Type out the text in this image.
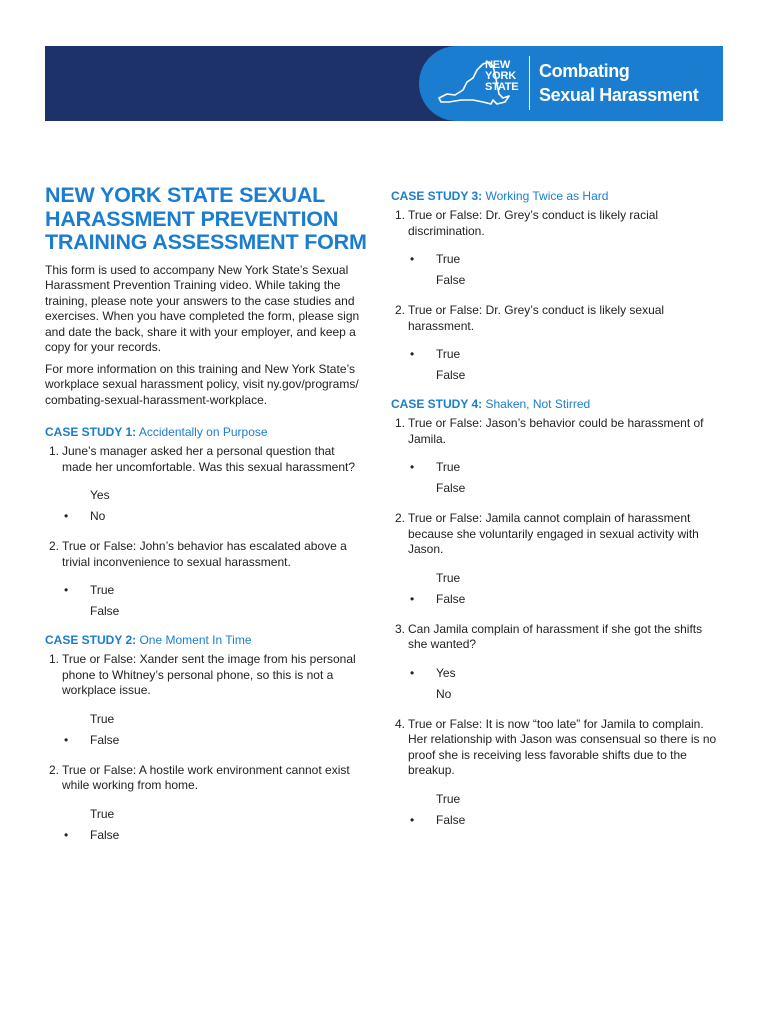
NEW
YORK
STATE
Combating
Sexual Harassment
NEW YORK STATE SEXUAL HARASSMENT PREVENTION TRAINING ASSESSMENT FORM

This form is used to accompany New York State’s Sexual Harassment Prevention Training video. While taking the training, please note your answers to the case studies and exercises. When you have completed the form, please sign and date the back, share it with your employer, and keep a copy for your records.

For more information on this training and New York State’s workplace sexual harassment policy, visit ny.gov/programs/ combating-sexual-harassment-workplace.

CASE STUDY 1: Accidentally on Purpose

1. June’s manager asked her a personal question that made her uncomfortable. Was this sexual harassment?
Yes
• No
2. True or False: John’s behavior has escalated above a trivial inconvenience to sexual harassment.
• True
False

CASE STUDY 2: One Moment In Time

1. True or False: Xander sent the image from his personal phone to Whitney’s personal phone, so this is not a workplace issue.
True
• False
2. True or False: A hostile work environment cannot exist while working from home.
True
• False

CASE STUDY 3: Working Twice as Hard

1. True or False: Dr. Grey’s conduct is likely racial discrimination.
• True
False
2. True or False: Dr. Grey’s conduct is likely sexual harassment.
• True
False

CASE STUDY 4: Shaken, Not Stirred

1. True or False: Jason’s behavior could be harassment of Jamila.
• True
False
2. True or False: Jamila cannot complain of harassment because she voluntarily engaged in sexual activity with Jason.
True
• False
3. Can Jamila complain of harassment if she got the shifts she wanted?
• Yes
No
4. True or False: It is now “too late” for Jamila to complain. Her relationship with Jason was consensual so there is no proof she is receiving less favorable shifts due to the breakup.
True
• False
